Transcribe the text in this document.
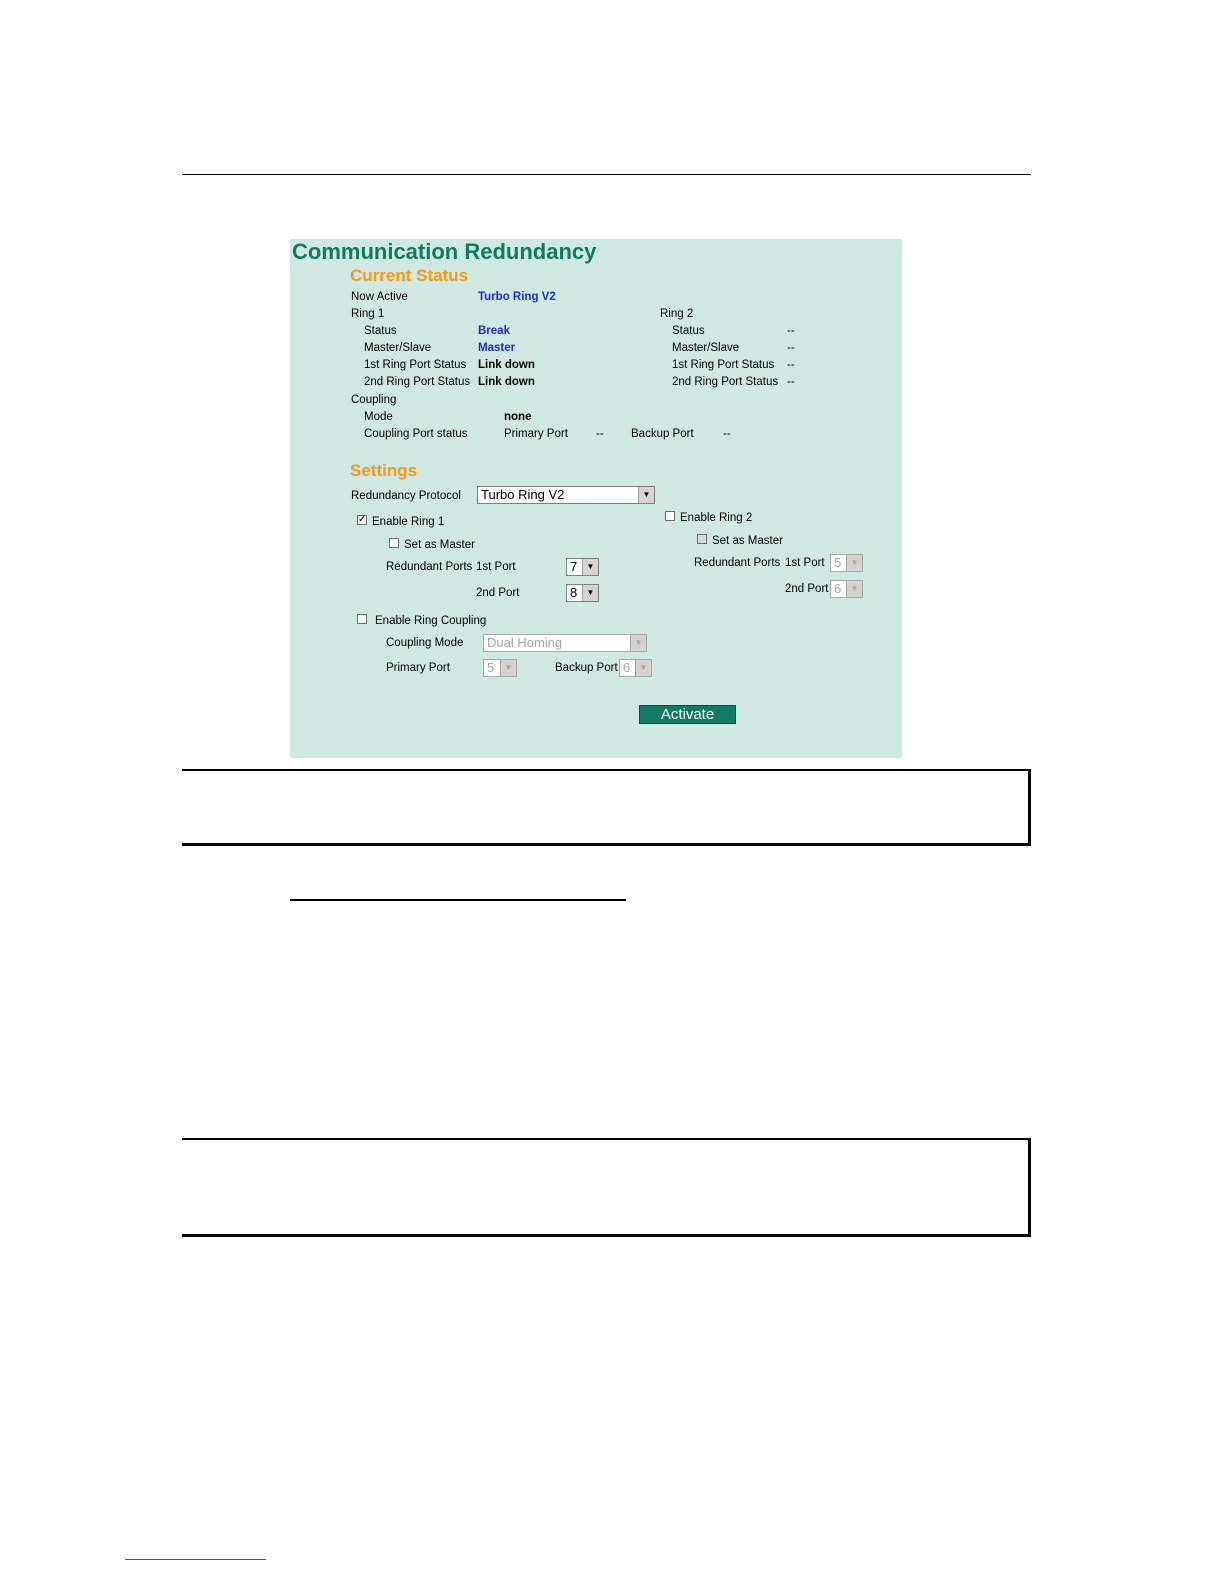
Communication Redundancy
Current Status
Now Active	Turbo Ring V2
Ring 1
Status	Break
Master/Slave	Master
1st Ring Port Status Link down
2nd Ring Port Status Link down
Ring 2
Status	--
Master/Slave	--
1st Ring Port Status --
2nd Ring Port Status --
Coupling
Mode	none
Coupling Port status	Primary Port -- Backup Port	--
Settings
Redundancy Protocol	Turbo Ring V2	▼
✓ Enable Ring 1
Set as Master
Redundant Ports 1st Port	7	▼
2nd Port	8	▼
Enable Ring 2
Set as Master
Redundant Ports 1st Port 5	▼
2nd Port 6	▼
Enable Ring Coupling
Coupling Mode	Dual Homing	▼
Primary Port	5	▼	Backup Port 6	▼
Activate
